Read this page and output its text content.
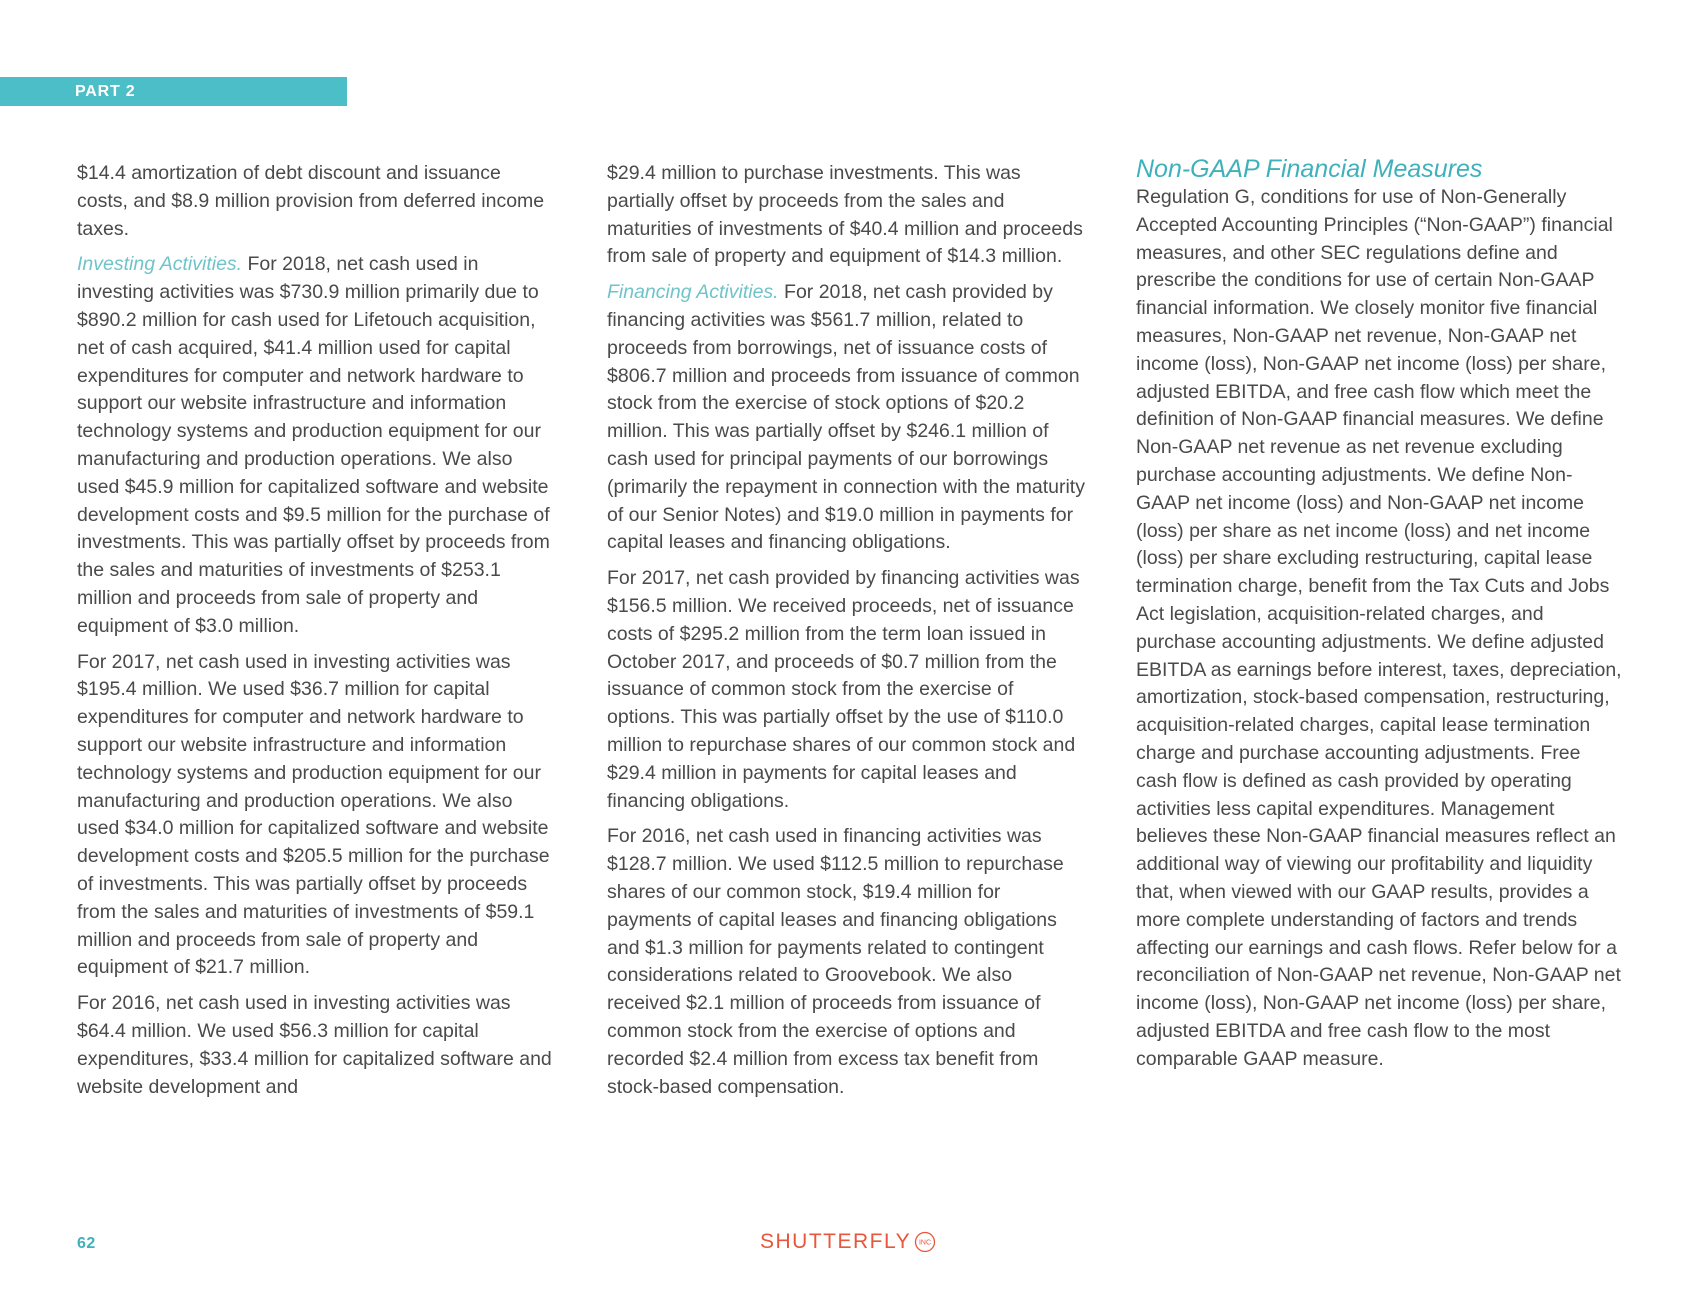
PART 2

$14.4 amortization of debt discount and issuance costs, and $8.9 million provision from deferred income taxes.

Investing Activities. For 2018, net cash used in investing activities was $730.9 million primarily due to $890.2 million for cash used for Lifetouch acquisition, net of cash acquired, $41.4 million used for capital expenditures for computer and network hardware to support our website infrastructure and information technology systems and production equipment for our manufacturing and production operations. We also used $45.9 million for capitalized software and website development costs and $9.5 million for the purchase of investments. This was partially offset by proceeds from the sales and maturities of investments of $253.1 million and proceeds from sale of property and equipment of $3.0 million.

For 2017, net cash used in investing activities was $195.4 million. We used $36.7 million for capital expenditures for computer and network hardware to support our website infrastructure and information technology systems and production equipment for our manufacturing and production operations. We also used $34.0 million for capitalized software and website development costs and $205.5 million for the purchase of investments. This was partially offset by proceeds from the sales and maturities of investments of $59.1 million and proceeds from sale of property and equipment of $21.7 million.

For 2016, net cash used in investing activities was $64.4 million. We used $56.3 million for capital expenditures, $33.4 million for capitalized software and website development and

$29.4 million to purchase investments. This was partially offset by proceeds from the sales and maturities of investments of $40.4 million and proceeds from sale of property and equipment of $14.3 million.

Financing Activities. For 2018, net cash provided by financing activities was $561.7 million, related to proceeds from borrowings, net of issuance costs of $806.7 million and proceeds from issuance of common stock from the exercise of stock options of $20.2 million. This was partially offset by $246.1 million of cash used for principal payments of our borrowings (primarily the repayment in connection with the maturity of our Senior Notes) and $19.0 million in payments for capital leases and financing obligations.

For 2017, net cash provided by financing activities was $156.5 million. We received proceeds, net of issuance costs of $295.2 million from the term loan issued in October 2017, and proceeds of $0.7 million from the issuance of common stock from the exercise of options. This was partially offset by the use of $110.0 million to repurchase shares of our common stock and $29.4 million in payments for capital leases and financing obligations.

For 2016, net cash used in financing activities was $128.7 million. We used $112.5 million to repurchase shares of our common stock, $19.4 million for payments of capital leases and financing obligations and $1.3 million for payments related to contingent considerations related to Groovebook. We also received $2.1 million of proceeds from issuance of common stock from the exercise of options and recorded $2.4 million from excess tax benefit from stock-based compensation.

Non-GAAP Financial Measures

Regulation G, conditions for use of Non-Generally Accepted Accounting Principles (“Non-GAAP”) financial measures, and other SEC regulations define and prescribe the conditions for use of certain Non-GAAP financial information. We closely monitor five financial measures, Non-GAAP net revenue, Non-GAAP net income (loss), Non-GAAP net income (loss) per share, adjusted EBITDA, and free cash flow which meet the definition of Non-GAAP financial measures. We define Non-GAAP net revenue as net revenue excluding purchase accounting adjustments. We define Non-GAAP net income (loss) and Non-GAAP net income (loss) per share as net income (loss) and net income (loss) per share excluding restructuring, capital lease termination charge, benefit from the Tax Cuts and Jobs Act legislation, acquisition-related charges, and purchase accounting adjustments. We define adjusted EBITDA as earnings before interest, taxes, depreciation, amortization, stock-based compensation, restructuring, acquisition-related charges, capital lease termination charge and purchase accounting adjustments. Free cash flow is defined as cash provided by operating activities less capital expenditures. Management believes these Non-GAAP financial measures reflect an additional way of viewing our profitability and liquidity that, when viewed with our GAAP results, provides a more complete understanding of factors and trends affecting our earnings and cash flows. Refer below for a reconciliation of Non-GAAP net revenue, Non-GAAP net income (loss), Non-GAAP net income (loss) per share, adjusted EBITDA and free cash flow to the most comparable GAAP measure.

62	SHUTTERFLY INC
